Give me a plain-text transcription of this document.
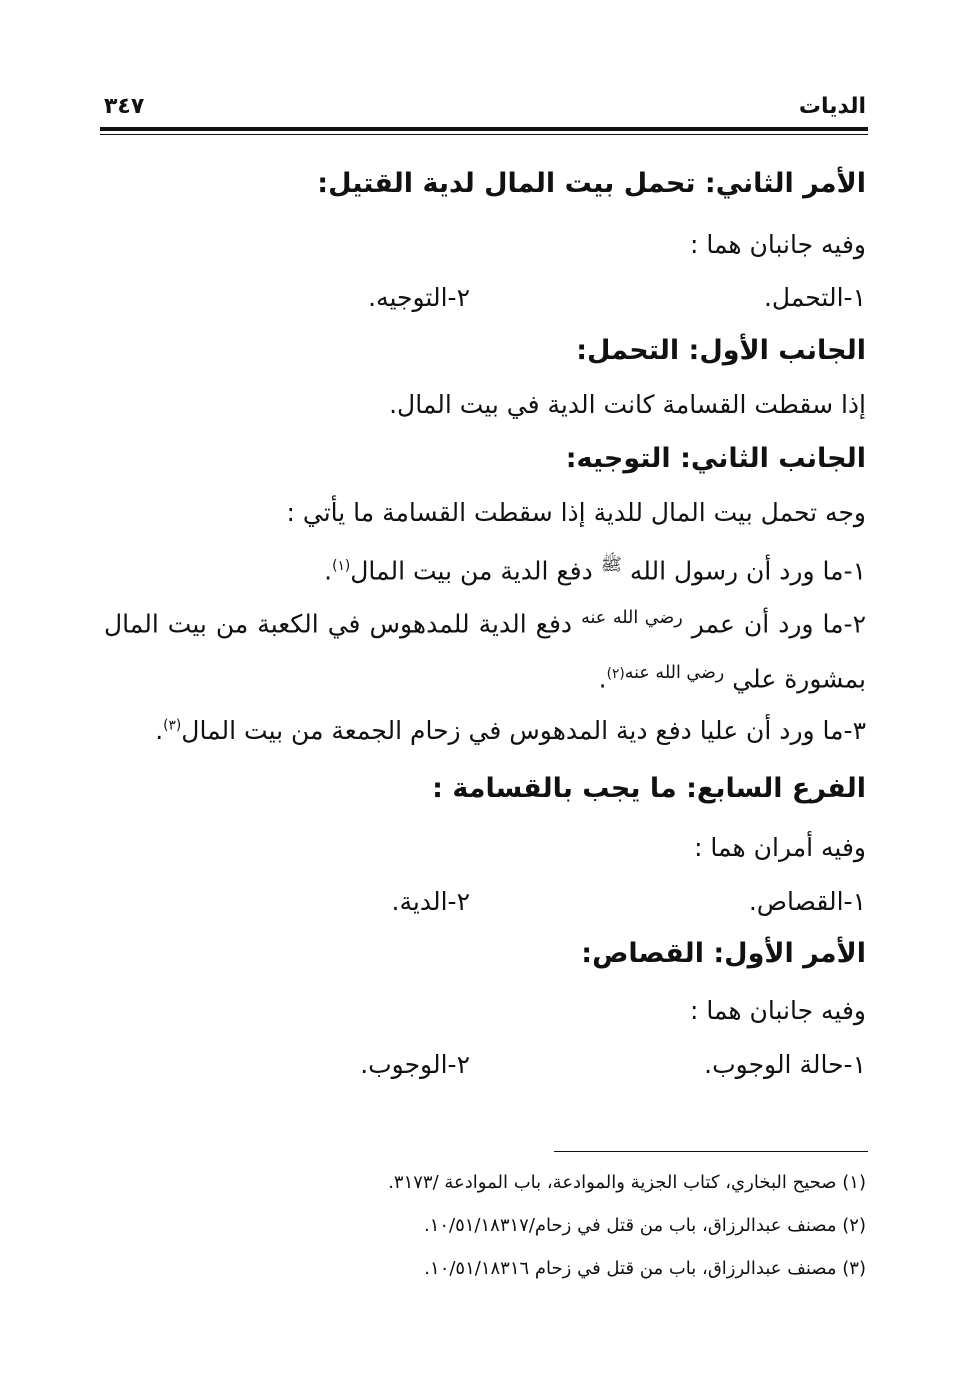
الديات
٣٤٧
الأمر الثاني: تحمل بيت المال لدية القتيل:
وفيه جانبان هما :
١-التحمل.
٢-التوجيه.
الجانب الأول: التحمل:
إذا سقطت القسامة كانت الدية في بيت المال.
الجانب الثاني: التوجيه:
وجه تحمل بيت المال للدية إذا سقطت القسامة ما يأتي :
١-ما ورد أن رسول الله $^ﷺ$ دفع الدية من بيت المال$^{(١)}$.
٢-ما ورد أن عمر $^{رضي الله عنه}$ دفع الدية للمدهوس في الكعبة من بيت المال
بمشورة علي $^{رضي الله عنه(٢)}$.
٣-ما ورد أن عليا دفع دية المدهوس في زحام الجمعة من بيت المال$^{(٣)}$.
الفرع السابع: ما يجب بالقسامة :
وفيه أمران هما :
١-القصاص.
٢-الدية.
الأمر الأول: القصاص:
وفيه جانبان هما :
١-حالة الوجوب.
٢-الوجوب.
(١) صحيح البخاري، كتاب الجزية والموادعة، باب الموادعة /٣١٧٣.
(٢) مصنف عبدالرزاق، باب من قتل في زحام/١٠/٥١/١٨٣١٧.
(٣) مصنف عبدالرزاق، باب من قتل في زحام ١٠/٥١/١٨٣١٦.
